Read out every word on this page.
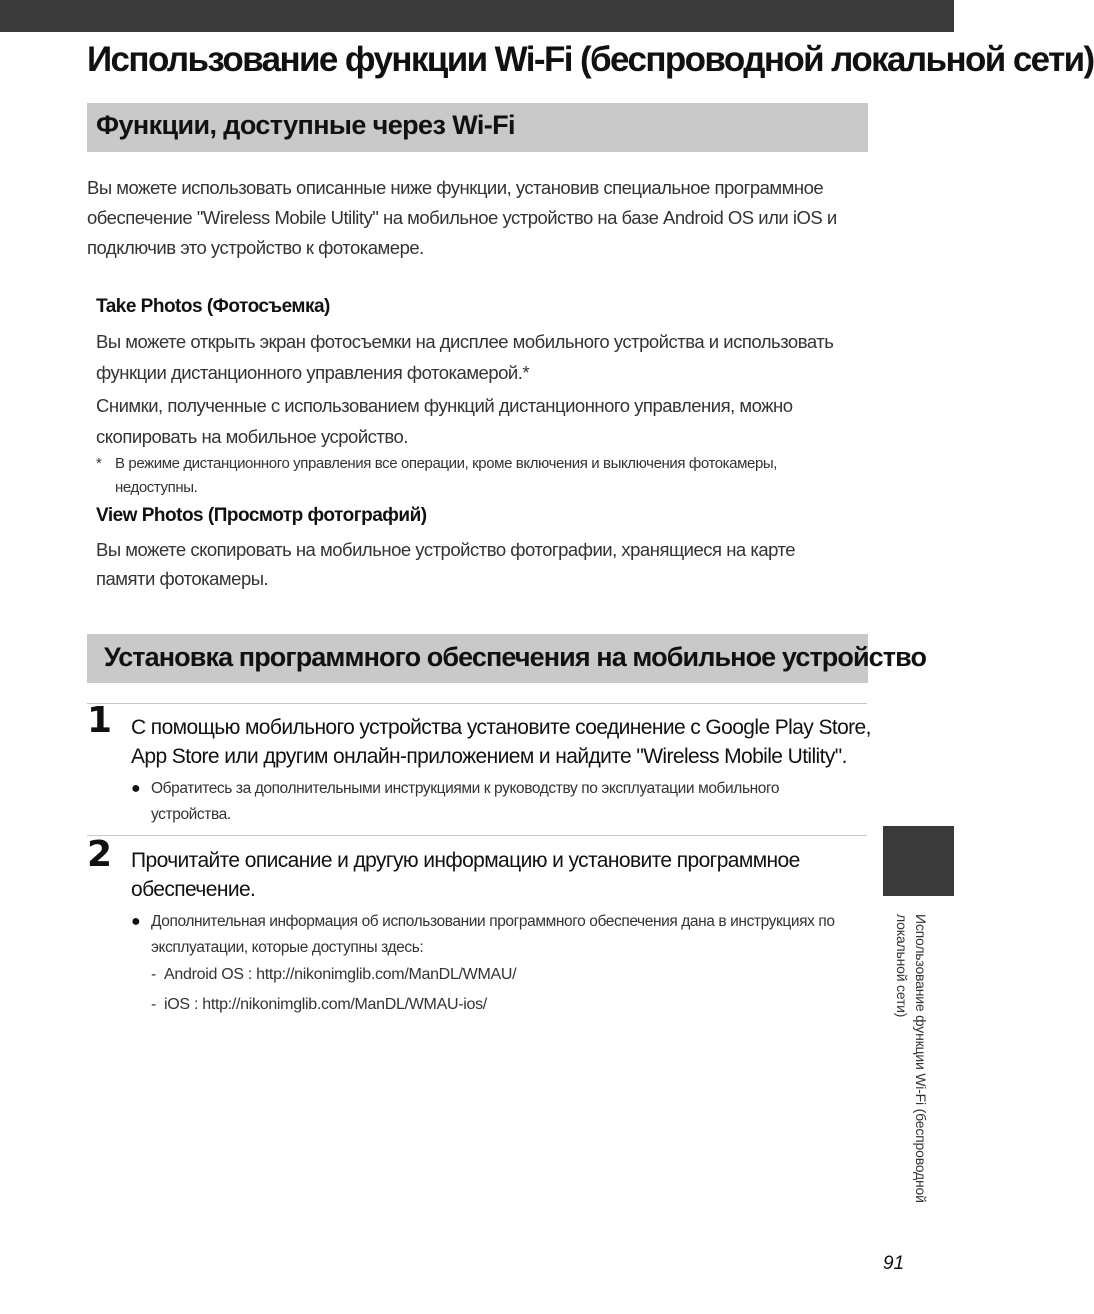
Использование функции Wi-Fi (беспроводной локальной сети)
Функции, доступные через Wi-Fi

Вы можете использовать описанные ниже функции, установив специальное программное обеспечение "Wireless Mobile Utility" на мобильное устройство на базе Android OS или iOS и подключив это устройство к фотокамере.

Take Photos (Фотосъемка)

Вы можете открыть экран фотосъемки на дисплее мобильного устройства и использовать функции дистанционного управления фотокамерой.*

Снимки, полученные с использованием функций дистанционного управления, можно скопировать на мобильное усройство.

* В режиме дистанционного управления все операции, кроме включения и выключения фотокамеры, недоступны.
View Photos (Просмотр фотографий)

Вы можете скопировать на мобильное устройство фотографии, хранящиеся на карте памяти фотокамеры.

Установка программного обеспечения на мобильное устройство
1 С помощью мобильного устройства установите соединение с Google Play Store, App Store или другим онлайн-приложением и найдите "Wireless Mobile Utility".

● Обратитесь за дополнительными инструкциями к руководству по эксплуатации мобильного устройства.
2 Прочитайте описание и другую информацию и установите программное обеспечение.

● Дополнительная информация об использовании программного обеспечения дана в инструкциях по эксплуатации, которые доступны здесь:
- Android OS : http://nikonimglib.com/ManDL/WMAU/
- iOS : http://nikonimglib.com/ManDL/WMAU-ios/	Использование функции Wi-Fi (беспроводной локальной сети)
91
